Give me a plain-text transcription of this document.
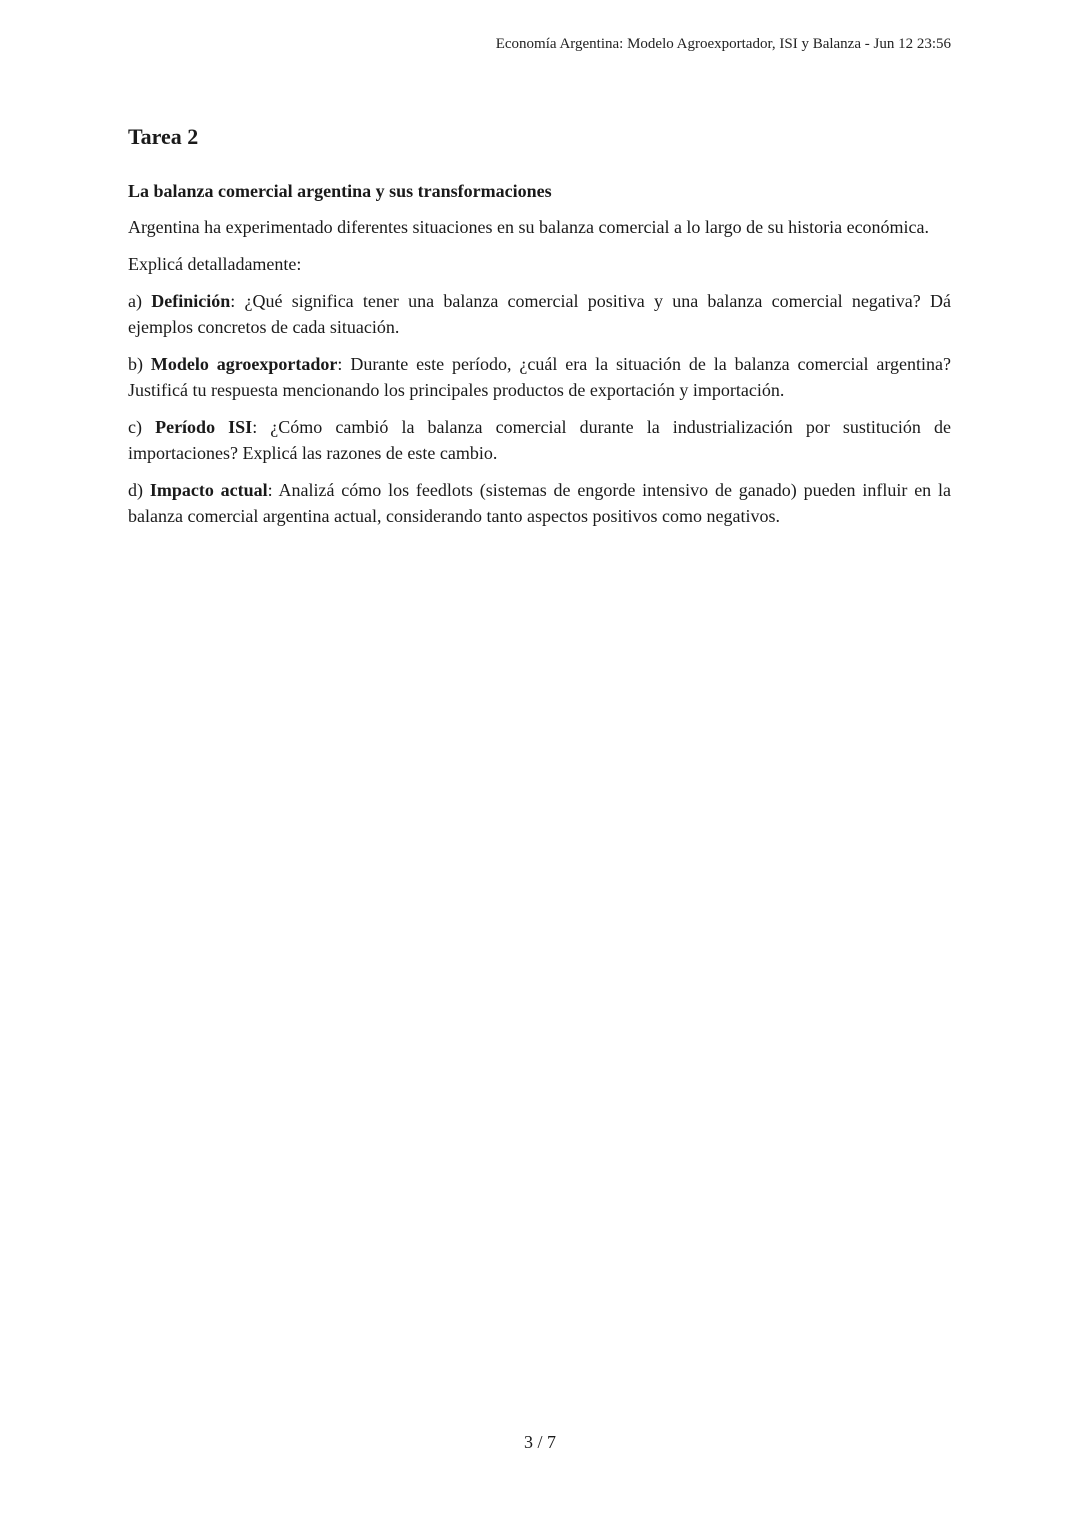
Economía Argentina: Modelo Agroexportador, ISI y Balanza - Jun 12 23:56
Tarea 2
La balanza comercial argentina y sus transformaciones

Argentina ha experimentado diferentes situaciones en su balanza comercial a lo largo de su historia económica.

Explicá detalladamente:

a) Definición: ¿Qué significa tener una balanza comercial positiva y una balanza comercial negativa? Dá ejemplos concretos de cada situación.

b) Modelo agroexportador: Durante este período, ¿cuál era la situación de la balanza comercial argentina? Justificá tu respuesta mencionando los principales productos de exportación y importación.

c) Período ISI: ¿Cómo cambió la balanza comercial durante la industrialización por sustitución de importaciones? Explicá las razones de este cambio.

d) Impacto actual: Analizá cómo los feedlots (sistemas de engorde intensivo de ganado) pueden influir en la balanza comercial argentina actual, considerando tanto aspectos positivos como negativos.

3 / 7
